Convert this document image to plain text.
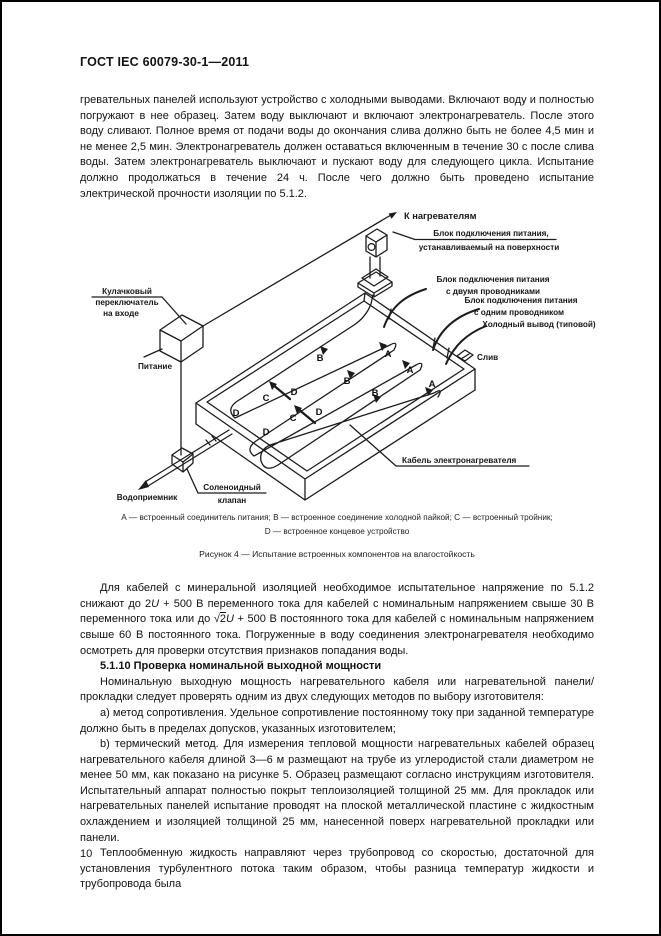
ГОСТ IEC 60079-30-1—2011

гревательных панелей используют устройство с холодными выводами. Включают воду и полностью погружают в нее образец. Затем воду выключают и включают электронагреватель. После этого воду сливают. Полное время от подачи воды до окончания слива должно быть не более 4,5 мин и не менее 2,5 мин. Электронагреватель должен оставаться включенным в течение 30 с после слива воды. Затем электронагреватель выключают и пускают воду для следующего цикла. Испытание должно продолжаться в течение 24 ч. После чего должно быть проведено испытание электрической прочности изоляции по 5.1.2.

К нагревателям
Блок подключения питания,
устанавливаемый на поверхности
Блок подключения питания
с двумя проводниками
Блок подключения питания
с одним проводником
Холодный вывод (типовой)
Слив
Кулачковый
переключатель
на входе
Питание
Водоприемник
Соленоидный
клапан
Кабель электронагревателя
A
A
A
B
B
B
C
C
D
D
D
D
А — встроенный соединитель питания; В — встроенное соединение холодной пайкой; С — встроенный тройник;
D — встроенное концевое устройство
Рисунок 4 — Испытание встроенных компонентов на влагостойкость

Для кабелей с минеральной изоляцией необходимое испытательное напряжение по 5.1.2 снижают до 2U + 500 В переменного тока для кабелей с номинальным напряжением свыше 30 В переменного тока или до √2U + 500 В постоянного тока для кабелей с номинальным напряжением свыше 60 В постоянного тока. Погруженные в воду соединения электронагревателя необходимо осмотреть для проверки отсутствия признаков попадания воды.

5.1.10 Проверка номинальной выходной мощности

Номинальную выходную мощность нагревательного кабеля или нагревательной панели/прокладки следует проверять одним из двух следующих методов по выбору изготовителя:

a) метод сопротивления. Удельное сопротивление постоянному току при заданной температуре должно быть в пределах допусков, указанных изготовителем;

b) термический метод. Для измерения тепловой мощности нагревательных кабелей образец нагревательного кабеля длиной 3—6 м размещают на трубе из углеродистой стали диаметром не менее 50 мм, как показано на рисунке 5. Образец размещают согласно инструкциям изготовителя. Испытательный аппарат полностью покрыт теплоизоляцией толщиной 25 мм. Для прокладок или нагревательных панелей испытание проводят на плоской металлической пластине с жидкостным охлаждением и изоляцией толщиной 25 мм, нанесенной поверх нагревательной прокладки или панели.

Теплообменную жидкость направляют через трубопровод со скоростью, достаточной для установления турбулентного потока таким образом, чтобы разница температур жидкости и трубопровода была

10
